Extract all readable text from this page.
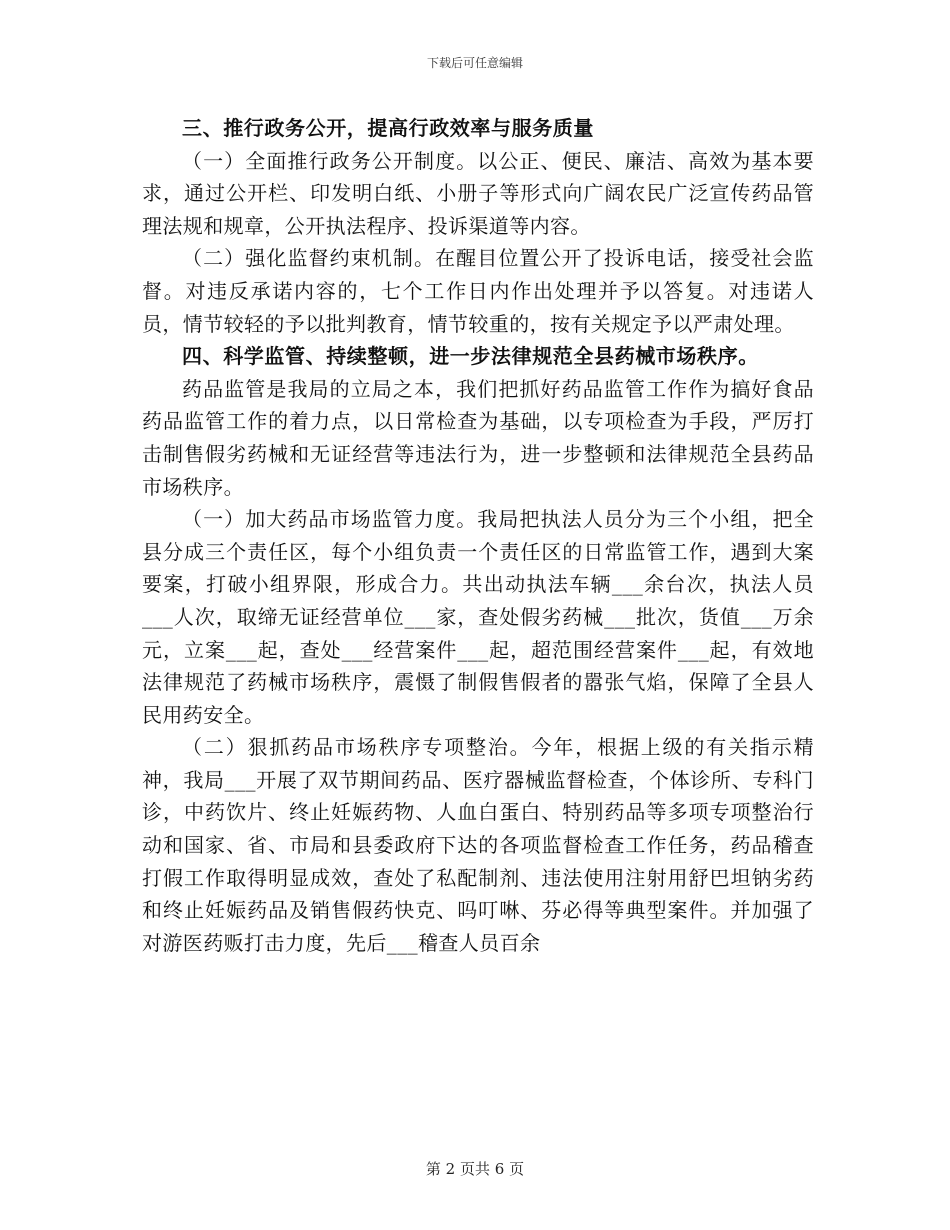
下载后可任意编辑

三、推行政务公开，提高行政效率与服务质量

（一）全面推行政务公开制度。以公正、便民、廉洁、高效为基本要求，通过公开栏、印发明白纸、小册子等形式向广阔农民广泛宣传药品管理法规和规章，公开执法程序、投诉渠道等内容。

（二）强化监督约束机制。在醒目位置公开了投诉电话，接受社会监督。对违反承诺内容的，七个工作日内作出处理并予以答复。对违诺人员，情节较轻的予以批判教育，情节较重的，按有关规定予以严肃处理。

四、科学监管、持续整顿，进一步法律规范全县药械市场秩序。

药品监管是我局的立局之本，我们把抓好药品监管工作作为搞好食品药品监管工作的着力点，以日常检查为基础，以专项检查为手段，严厉打击制售假劣药械和无证经营等违法行为，进一步整顿和法律规范全县药品市场秩序。

（一）加大药品市场监管力度。我局把执法人员分为三个小组，把全县分成三个责任区，每个小组负责一个责任区的日常监管工作，遇到大案要案，打破小组界限，形成合力。共出动执法车辆___余台次，执法人员___人次，取缔无证经营单位___家，查处假劣药械___批次，货值___万余元，立案___起，查处___经营案件___起，超范围经营案件___起，有效地法律规范了药械市场秩序，震慑了制假售假者的嚣张气焰，保障了全县人民用药安全。

（二）狠抓药品市场秩序专项整治。今年，根据上级的有关指示精神，我局___开展了双节期间药品、医疗器械监督检查，个体诊所、专科门诊，中药饮片、终止妊娠药物、人血白蛋白、特别药品等多项专项整治行动和国家、省、市局和县委政府下达的各项监督检查工作任务，药品稽查打假工作取得明显成效，查处了私配制剂、违法使用注射用舒巴坦钠劣药和终止妊娠药品及销售假药快克、吗叮啉、芬必得等典型案件。并加强了对游医药贩打击力度，先后___稽查人员百余

第 2 页共 6 页
